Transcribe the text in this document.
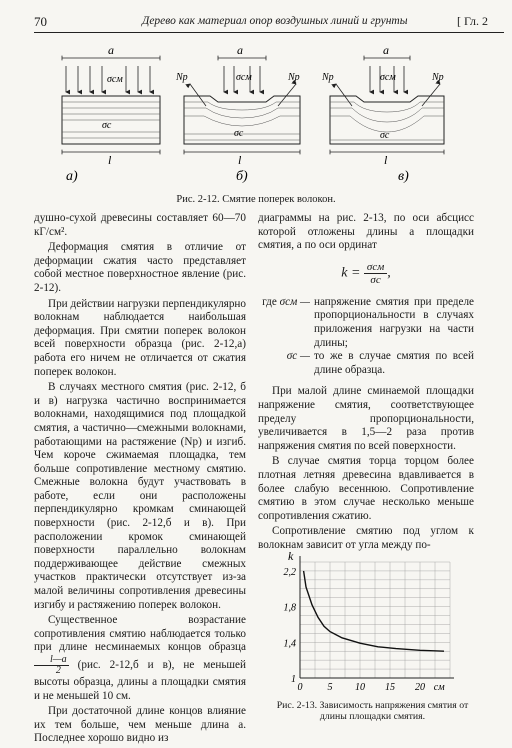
70	Дерево как материал опор воздушных линий и грунты	[ Гл. 2
a
σсм
σс
l
а)
a
σсм
Np	Np
σс
l
б)
a
σсм
Np	Np
σс
l
в)
Рис. 2-12. Смятие поперек волокон.

душно-сухой древесины составляет 60—70 кГ/см².

Деформация смятия в отличие от деформации сжатия часто представляет собой местное поверхностное явление (рис. 2-12).

При действии нагрузки перпендикулярно волокнам наблюдается наибольшая деформация. При смятии поперек волокон всей поверхности образца (рис. 2-12,а) работа его ничем не отличается от сжатия поперек волокон.

В случаях местного смятия (рис. 2-12, б и в) нагрузка частично воспринимается волокнами, находящимися под площадкой смятия, а частично—смежными волокнами, работающими на растяжение (Np) и изгиб. Чем короче сжимаемая площадка, тем больше сопротивление местному смятию. Смежные волокна будут участвовать в работе, если они расположены перпендикулярно кромкам сминающей поверхности (рис. 2-12,б и в). При расположении кромок сминающей поверхности параллельно волокнам поддерживающее действие смежных участков практически отсутствует из-за малой величины сопротивления древесины изгибу и растяжению поперек волокон.

Существенное возрастание сопротивления смятию наблюдается только при длине несминаемых концов образца
$\frac{l—a}{2} (рис$. 2-12,б и в), не меньшей высоты образца, длины a площадки смятия и не меньшей 10 см.

При достаточной длине концов влияние их тем больше, чем меньше длина a. Последнее хорошо видно из

диаграммы на рис. 2-13, по оси абсцисс которой отложены длины a площадки смятия, а по оси ординат

$k = \frac{\text{σсм}}{\sigma с}$ ,
где σсм — напряжение смятия при пределе пропорциональности в случаях приложения нагрузки на части длины;
σс — то же в случае смятия по всей длине образца.

При малой длине сминаемой площадки напряжение смятия, соответствующее пределу пропорциональности, увеличивается в 1,5—2 раза против напряжения смятия по всей поверхности.

В случае смятия торца торцом более плотная летняя древесина вдавливается в более слабую весеннюю. Сопротивление смятию в этом случае несколько меньше сопротивления сжатию.

Сопротивление смятию под углом к волокнам зависит от угла между по-

k
1
1,4
1,8
2,2
0	5 10 15 20 см
Рис. 2-13. Зависимость напряжения смятия от длины площадки смятия.
